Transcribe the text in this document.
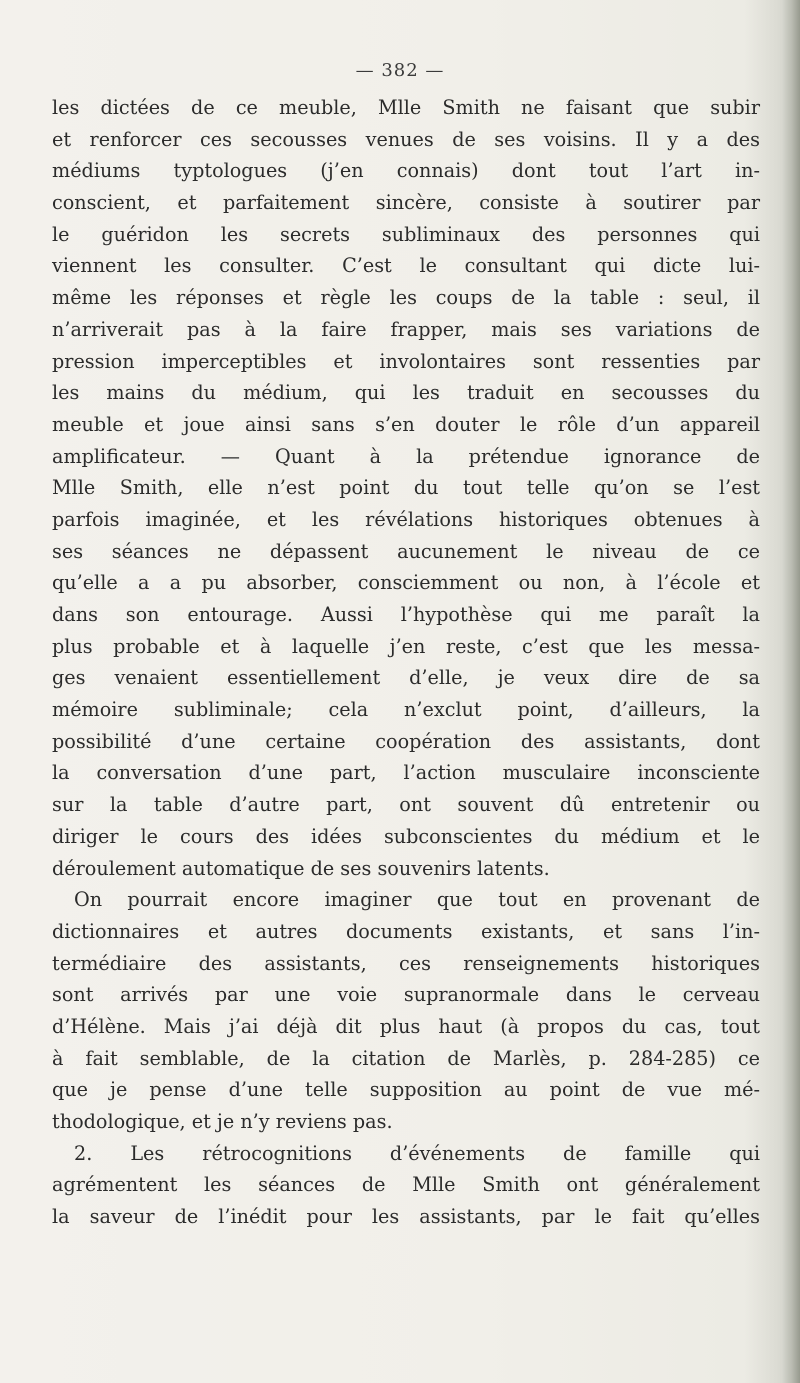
— 382 —
les dictées de ce meuble, Mlle Smith ne faisant que subir
et renforcer ces secousses venues de ses voisins. Il y a des
médiums typtologues (j’en connais) dont tout l’art in-
conscient, et parfaitement sincère, consiste à soutirer par
le guéridon les secrets subliminaux des personnes qui
viennent les consulter. C’est le consultant qui dicte lui-
même les réponses et règle les coups de la table : seul, il
n’arriverait pas à la faire frapper, mais ses variations de
pression imperceptibles et involontaires sont ressenties par
les mains du médium, qui les traduit en secousses du
meuble et joue ainsi sans s’en douter le rôle d’un appareil
amplificateur. — Quant à la prétendue ignorance de
Mlle Smith, elle n’est point du tout telle qu’on se l’est
parfois imaginée, et les révélations historiques obtenues à
ses séances ne dépassent aucunement le niveau de ce
qu’elle a a pu absorber, consciemment ou non, à l’école et
dans son entourage. Aussi l’hypothèse qui me paraît la
plus probable et à laquelle j’en reste, c’est que les messa-
ges venaient essentiellement d’elle, je veux dire de sa
mémoire subliminale; cela n’exclut point, d’ailleurs, la
possibilité d’une certaine coopération des assistants, dont
la conversation d’une part, l’action musculaire inconsciente
sur la table d’autre part, ont souvent dû entretenir ou
diriger le cours des idées subconscientes du médium et le
déroulement automatique de ses souvenirs latents.
On pourrait encore imaginer que tout en provenant de
dictionnaires et autres documents existants, et sans l’in-
termédiaire des assistants, ces renseignements historiques
sont arrivés par une voie supranormale dans le cerveau
d’Hélène. Mais j’ai déjà dit plus haut (à propos du cas, tout
à fait semblable, de la citation de Marlès, p. 284-285) ce
que je pense d’une telle supposition au point de vue mé-
thodologique, et je n’y reviens pas.
2. Les rétrocognitions d’événements de famille qui
agrémentent les séances de Mlle Smith ont généralement
la saveur de l’inédit pour les assistants, par le fait qu’elles
